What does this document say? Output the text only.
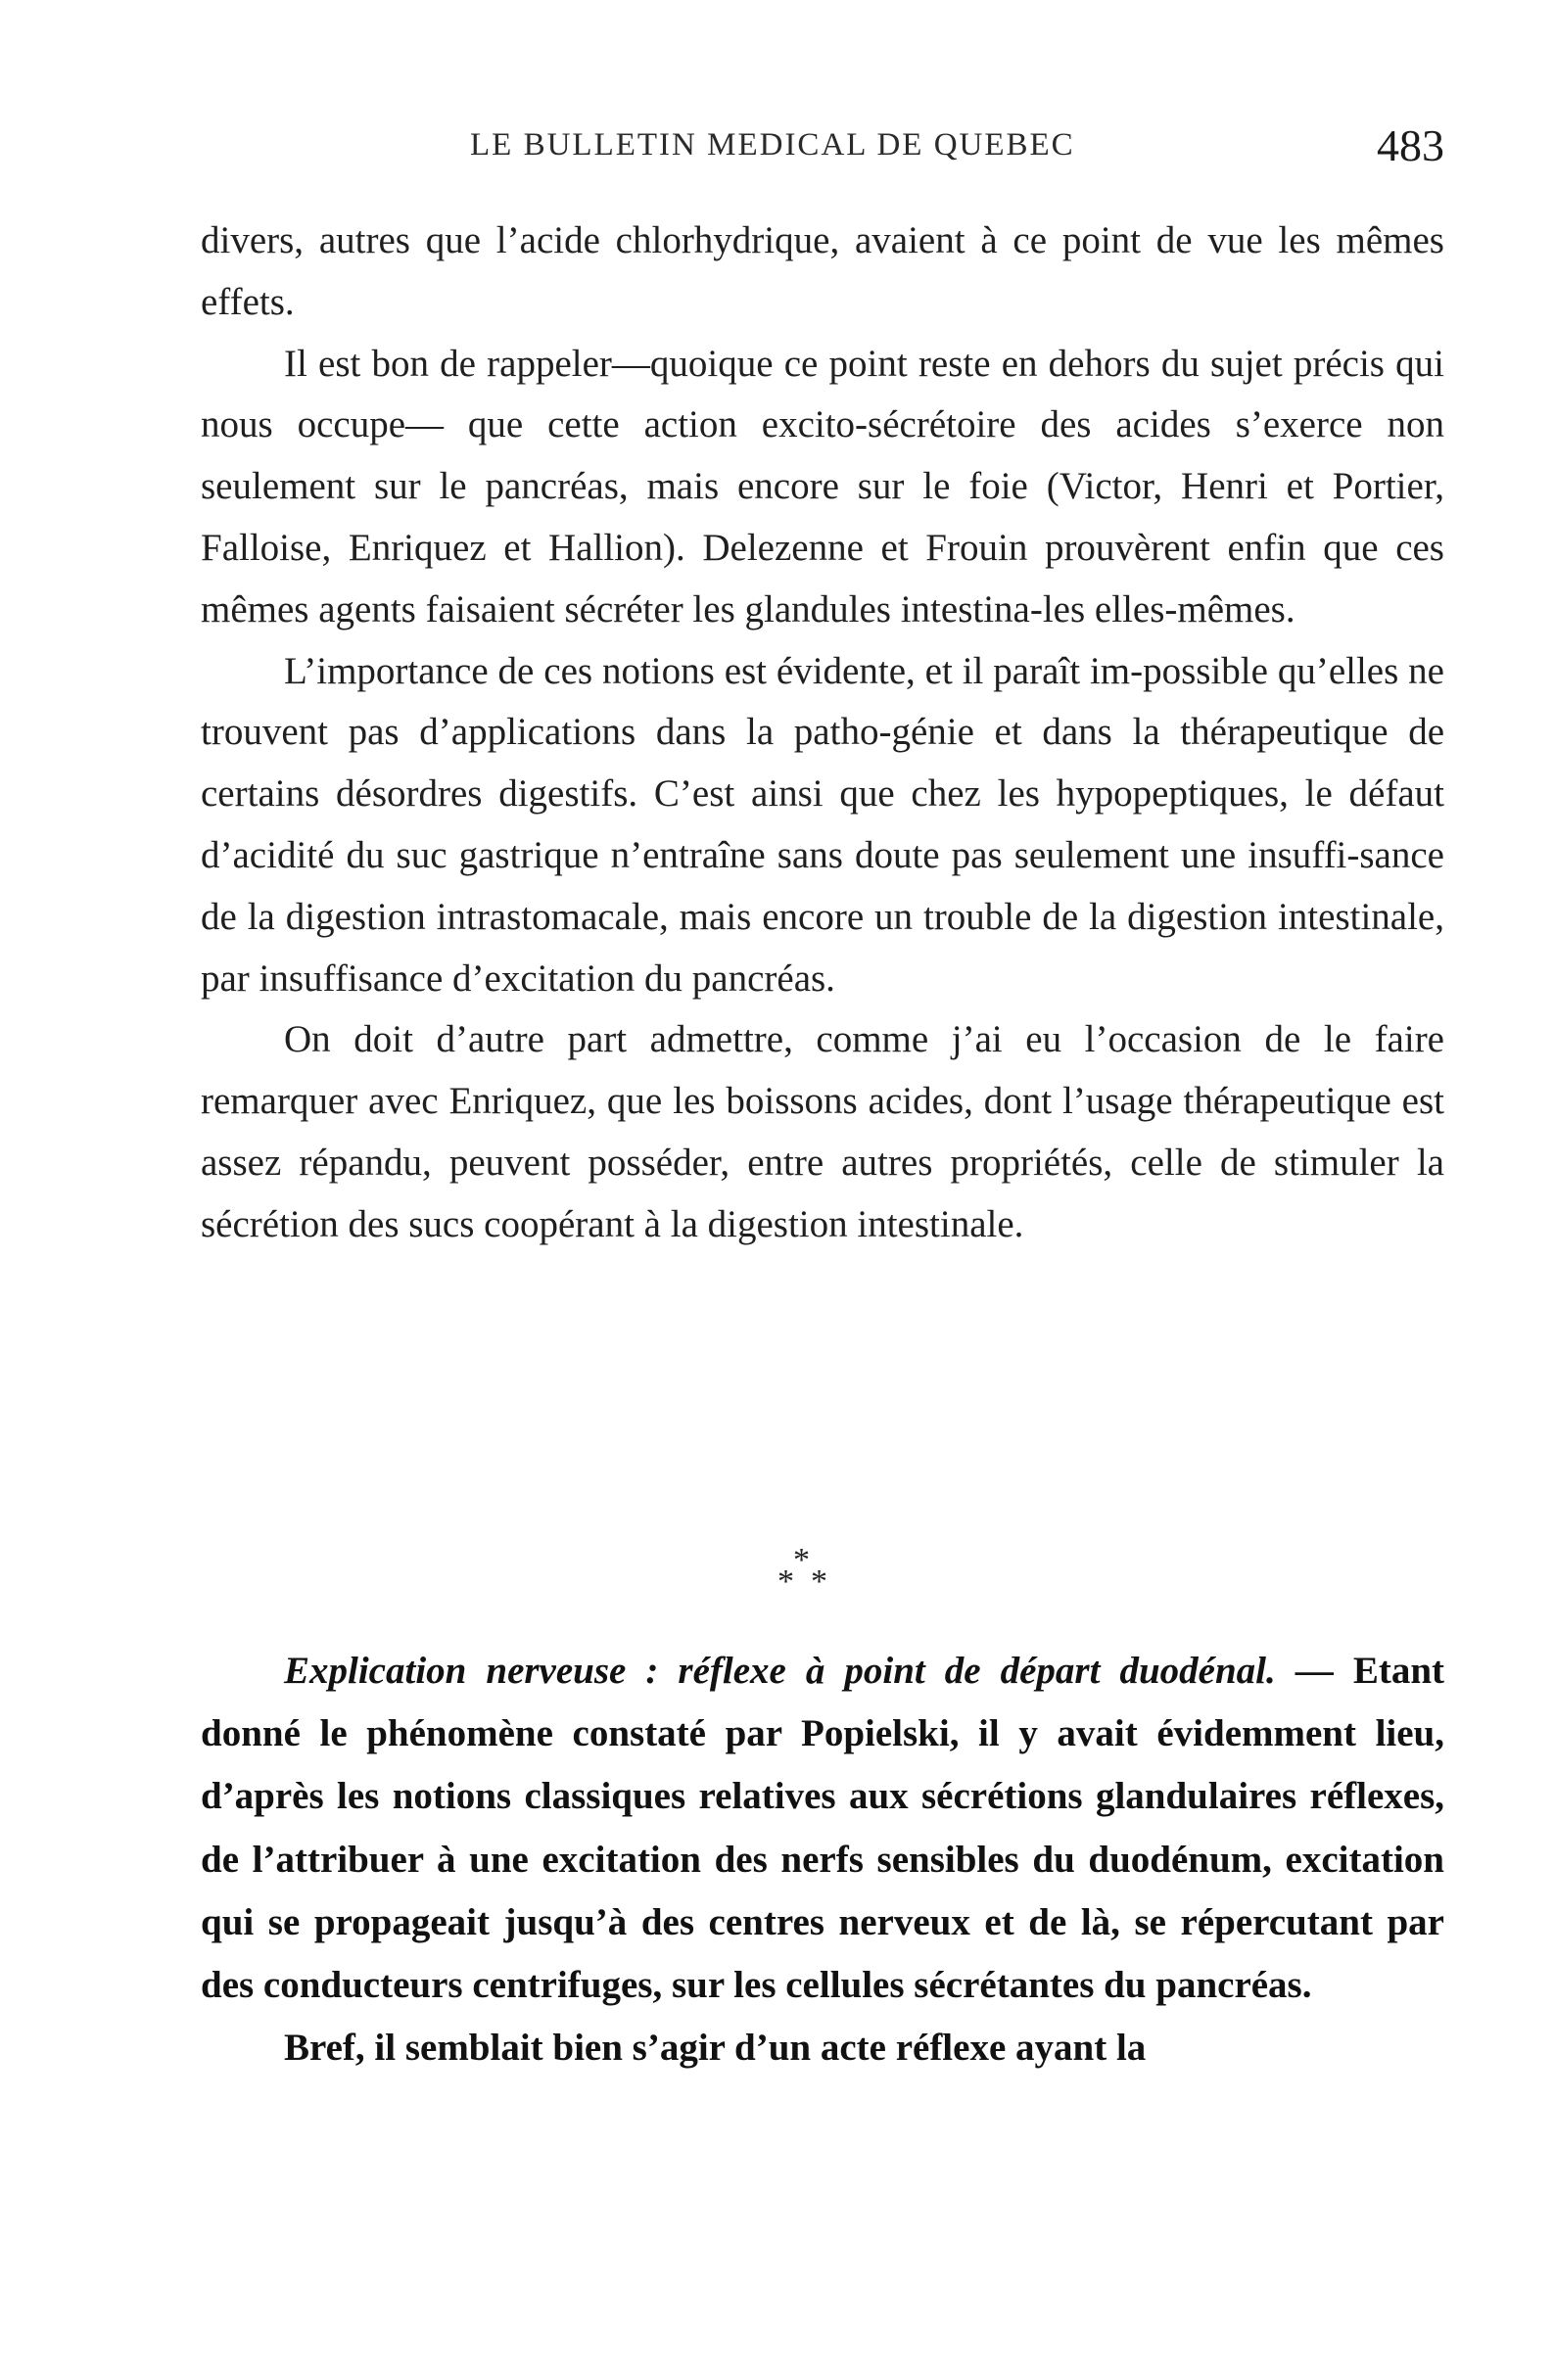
LE BULLETIN MEDICAL DE QUEBEC	483

divers, autres que l’acide chlorhydrique, avaient à ce point de vue les mêmes effets.

Il est bon de rappeler—quoique ce point reste en dehors du sujet précis qui nous occupe— que cette action excito-sécrétoire des acides s’exerce non seulement sur le pancréas, mais encore sur le foie (Victor, Henri et Portier, Falloise, Enriquez et Hallion). Delezenne et Frouin prouvèrent enfin que ces mêmes agents faisaient sécréter les glandules intestina-les elles-mêmes.

L’importance de ces notions est évidente, et il paraît im-possible qu’elles ne trouvent pas d’applications dans la patho-génie et dans la thérapeutique de certains désordres digestifs. C’est ainsi que chez les hypopeptiques, le défaut d’acidité du suc gastrique n’entraîne sans doute pas seulement une insuffi-sance de la digestion intrastomacale, mais encore un trouble de la digestion intestinale, par insuffisance d’excitation du pancréas.

On doit d’autre part admettre, comme j’ai eu l’occasion de le faire remarquer avec Enriquez, que les boissons acides, dont l’usage thérapeutique est assez répandu, peuvent posséder, entre autres propriétés, celle de stimuler la sécrétion des sucs coopérant à la digestion intestinale.

*
* *

Explication nerveuse : réflexe à point de départ duodénal. — Etant donné le phénomène constaté par Popielski, il y avait évidemment lieu, d’après les notions classiques relatives aux sécrétions glandulaires réflexes, de l’attribuer à une excitation des nerfs sensibles du duodénum, excitation qui se propageait jusqu’à des centres nerveux et de là, se répercutant par des conducteurs centrifuges, sur les cellules sécrétantes du pancréas.

Bref, il semblait bien s’agir d’un acte réflexe ayant la
